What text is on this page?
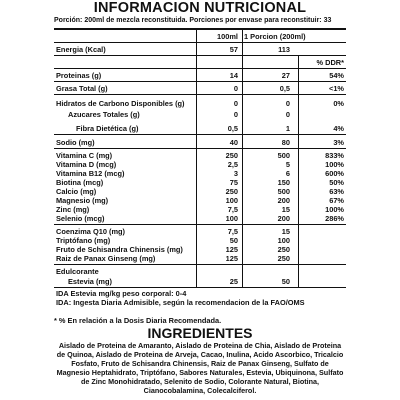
INFORMACION NUTRICIONAL
Porción: 200ml de mezcla reconstituida. Porciones por envase para reconstituir: 33
100ml 1 Porcion (200ml)
Energia (Kcal)	57	113
% DDR*
Proteinas (g)	14	27	54%
Grasa Total (g)	0	0,5	<1%
Hidratos de Carbono Disponibles (g)	0	0	0%
Azucares Totales (g)	0	0
Fibra Dietética (g)	0,5	1	4%
Sodio (mg)	40	80	3%
Vitamina C (mg)	250	500	833%
Vitamina D (mcg)	2,5	5	100%
Vitamina B12 (mcg)	3	6	600%
Biotina (mcg)	75	150	50%
Calcio (mg)	250	500	63%
Magnesio (mg)	100	200	67%
Zinc (mg)	7,5	15	100%
Selenio (mcg)	100	200	286%
Coenzima Q10 (mg)	7,5	15
Triptófano (mg)	50	100
Fruto de Schisandra Chinensis (mg)	125	250
Raiz de Panax Ginseng (mg)	125	250
Edulcorante
Estevia (mg)	25	50
IDA Estevia mg/kg peso corporal: 0-4
IDA: Ingesta Diaria Admisible, según la recomendacion de la FAO/OMS
* % En relación a la Dosis Diaria Recomendada.
INGREDIENTES
Aislado de Proteina de Amaranto, Aislado de Proteina de Chia, Aislado de Proteina de Quinoa, Aislado de Proteina de Arveja, Cacao, Inulina, Acido Ascorbico, Tricalcio Fosfato, Fruto de Schisandra Chinensis, Raiz de Panax Ginseng, Sulfato de Magnesio Heptahidrato, Triptófano, Sabores Naturales, Estevia, Ubiquinona, Sulfato de Zinc Monohidratado, Selenito de Sodio, Colorante Natural, Biotina, Cianocobalamina, Colecalciferol.
